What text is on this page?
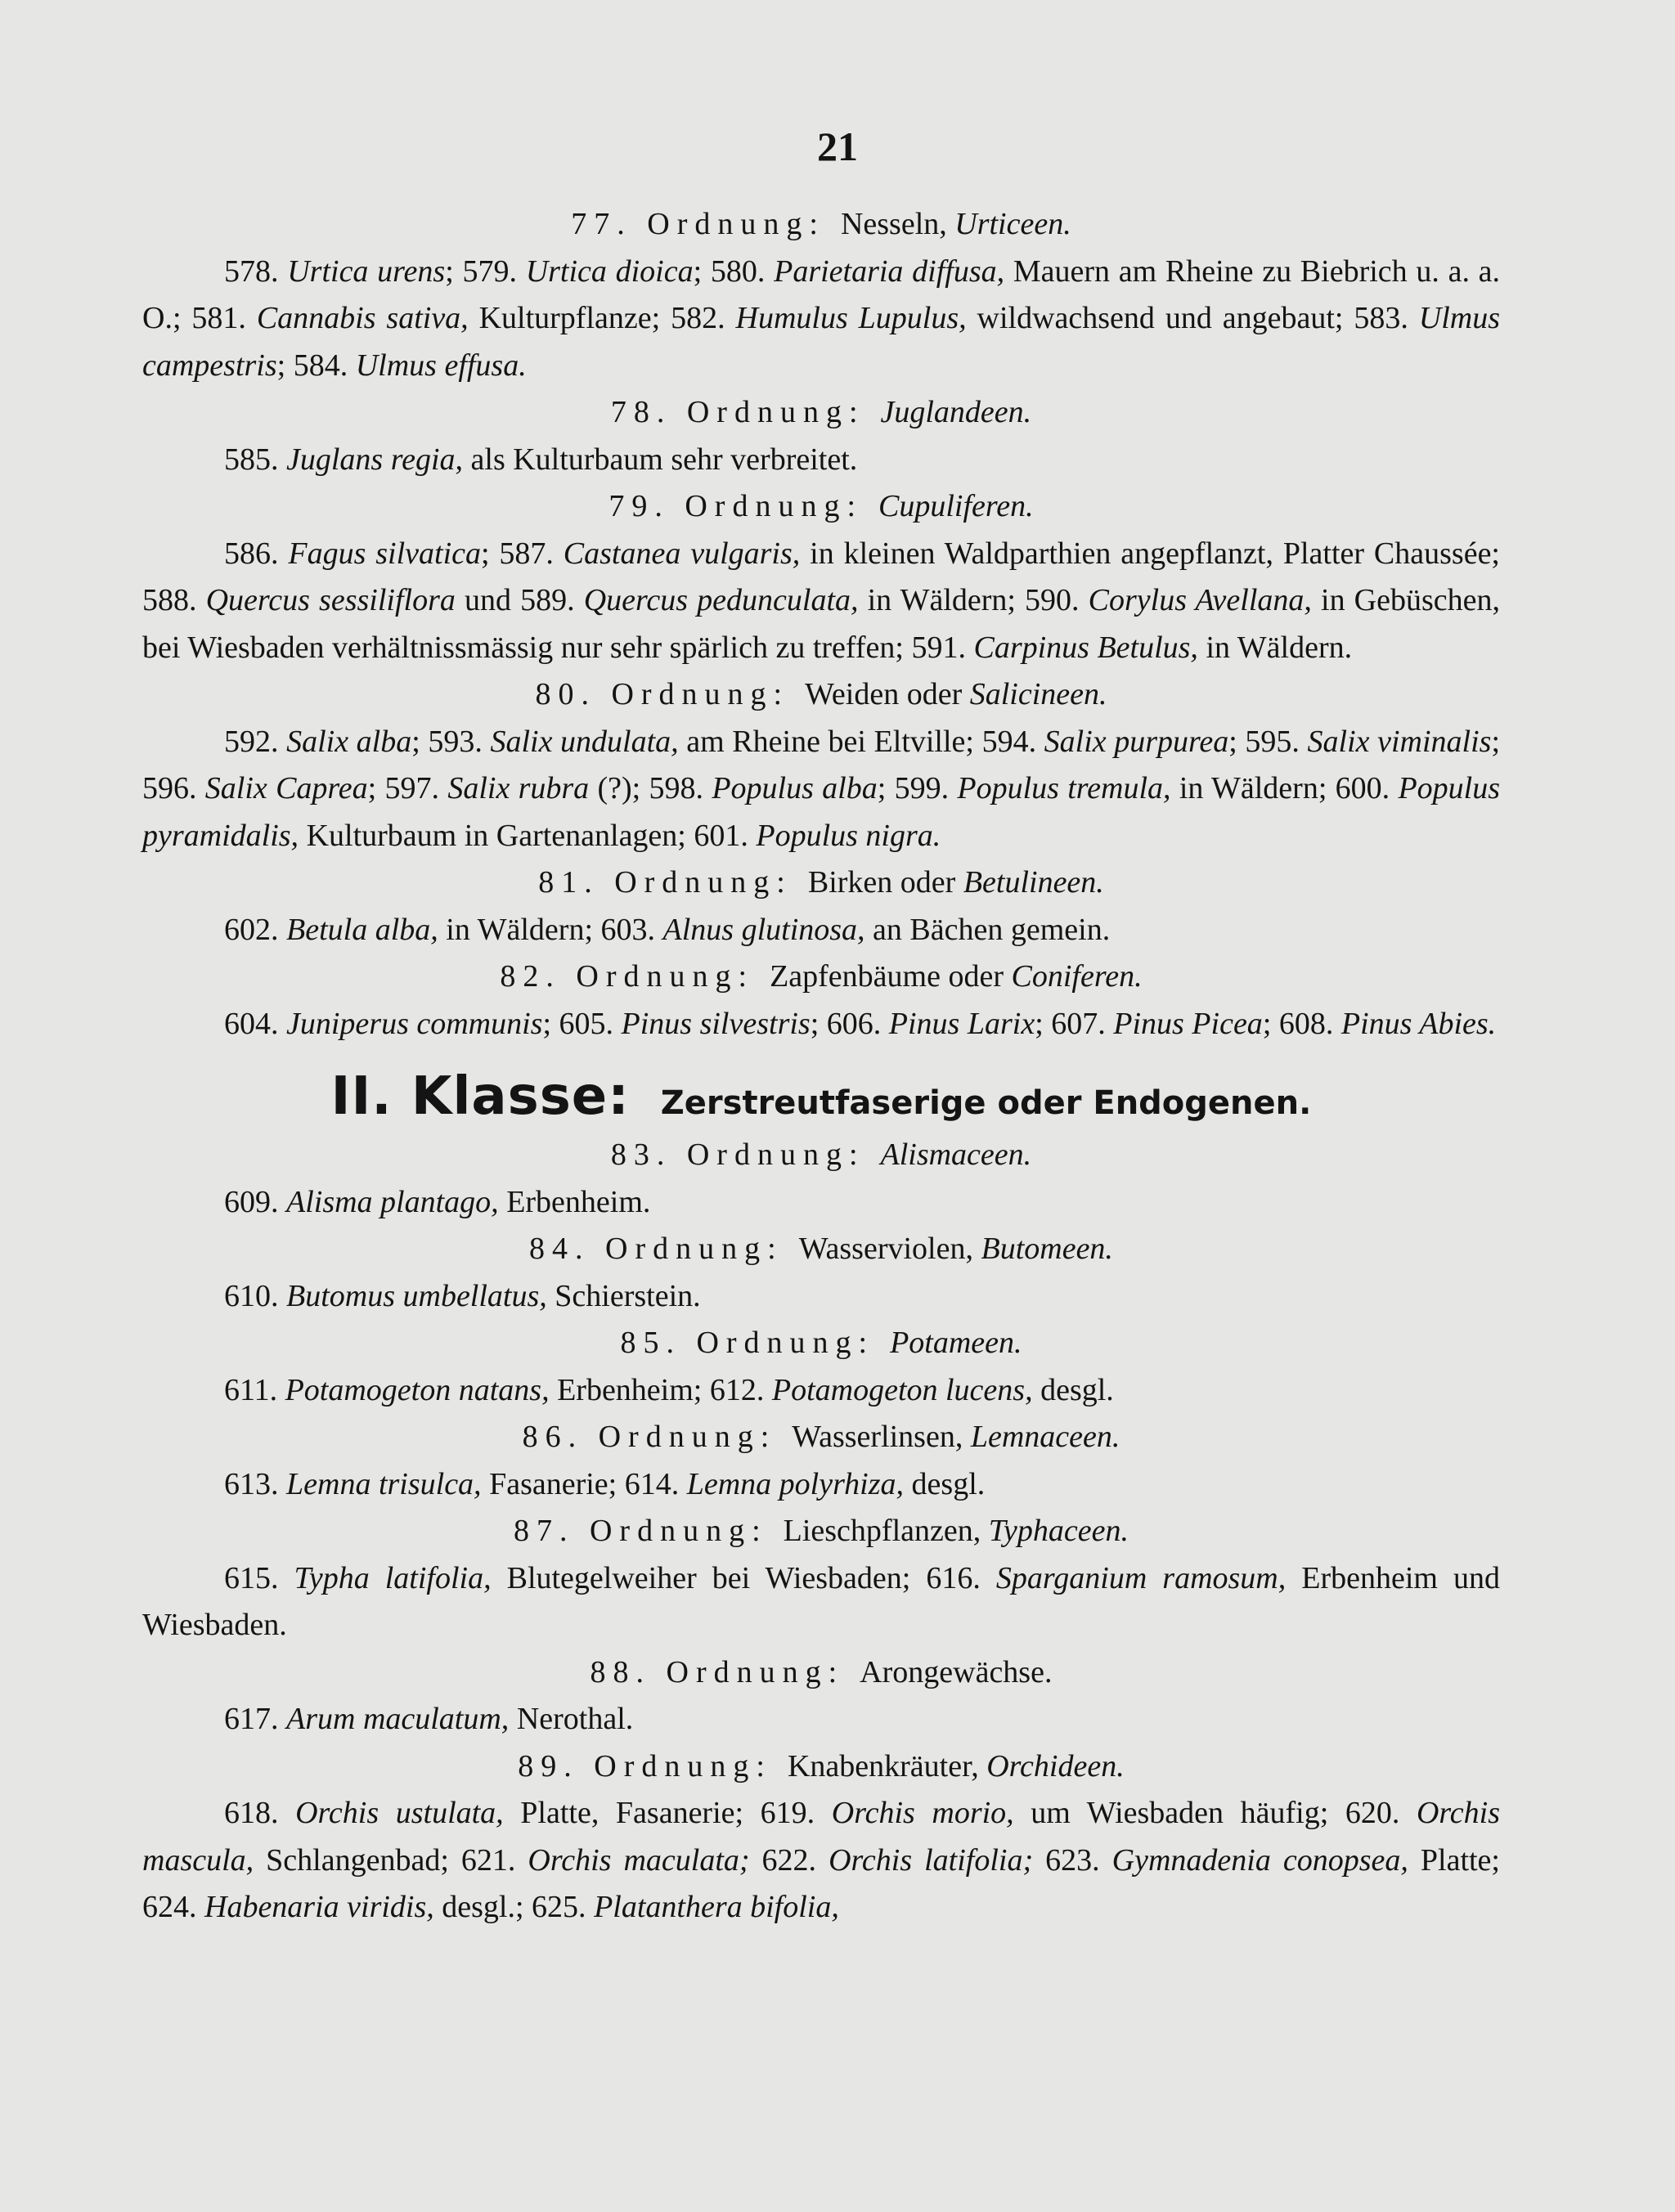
21

77. Ordnung:  Nesseln, Urticeen.

578. Urtica urens; 579. Urtica dioica; 580. Parietaria diffusa, Mauern am Rheine zu Biebrich u. a. a. O.; 581. Cannabis sativa, Kulturpflanze; 582. Humulus Lupulus, wildwachsend und angebaut; 583. Ulmus campestris; 584. Ulmus effusa.

78. Ordnung:  Juglandeen.

585. Juglans regia, als Kulturbaum sehr verbreitet.

79. Ordnung:  Cupuliferen.

586. Fagus silvatica; 587. Castanea vulgaris, in kleinen Waldparthien angepflanzt, Platter Chaussée; 588. Quercus sessiliflora und 589. Quercus pedunculata, in Wäldern; 590. Corylus Avellana, in Gebüschen, bei Wiesbaden verhältnissmässig nur sehr spärlich zu treffen; 591. Carpinus Betulus, in Wäldern.

80. Ordnung:  Weiden oder Salicineen.

592. Salix alba; 593. Salix undulata, am Rheine bei Eltville; 594. Salix purpurea; 595. Salix viminalis; 596. Salix Caprea; 597. Salix rubra (?); 598. Populus alba; 599. Populus tremula, in Wäldern; 600. Populus pyramidalis, Kulturbaum in Gartenanlagen; 601. Populus nigra.

81. Ordnung:  Birken oder Betulineen.

602. Betula alba, in Wäldern; 603. Alnus glutinosa, an Bächen gemein.

82. Ordnung:  Zapfenbäume oder Coniferen.

604. Juniperus communis; 605. Pinus silvestris; 606. Pinus Larix; 607. Pinus Picea; 608. Pinus Abies.

II. Klasse:  Zerstreutfaserige oder Endogenen.

83. Ordnung:  Alismaceen.

609. Alisma plantago, Erbenheim.

84. Ordnung:  Wasserviolen, Butomeen.

610. Butomus umbellatus, Schierstein.

85. Ordnung:  Potameen.

611. Potamogeton natans, Erbenheim; 612. Potamogeton lucens, desgl.

86. Ordnung:  Wasserlinsen, Lemnaceen.

613. Lemna trisulca, Fasanerie; 614. Lemna polyrhiza, desgl.

87. Ordnung:  Lieschpflanzen, Typhaceen.

615. Typha latifolia, Blutegelweiher bei Wiesbaden; 616. Sparganium ramosum, Erbenheim und Wiesbaden.

88. Ordnung:  Arongewächse.

617. Arum maculatum, Nerothal.

89. Ordnung:  Knabenkräuter, Orchideen.

618. Orchis ustulata, Platte, Fasanerie; 619. Orchis morio, um Wiesbaden häufig; 620. Orchis mascula, Schlangenbad; 621. Orchis maculata; 622. Orchis latifolia; 623. Gymnadenia conopsea, Platte; 624. Habenaria viridis, desgl.; 625. Platanthera bifolia,
